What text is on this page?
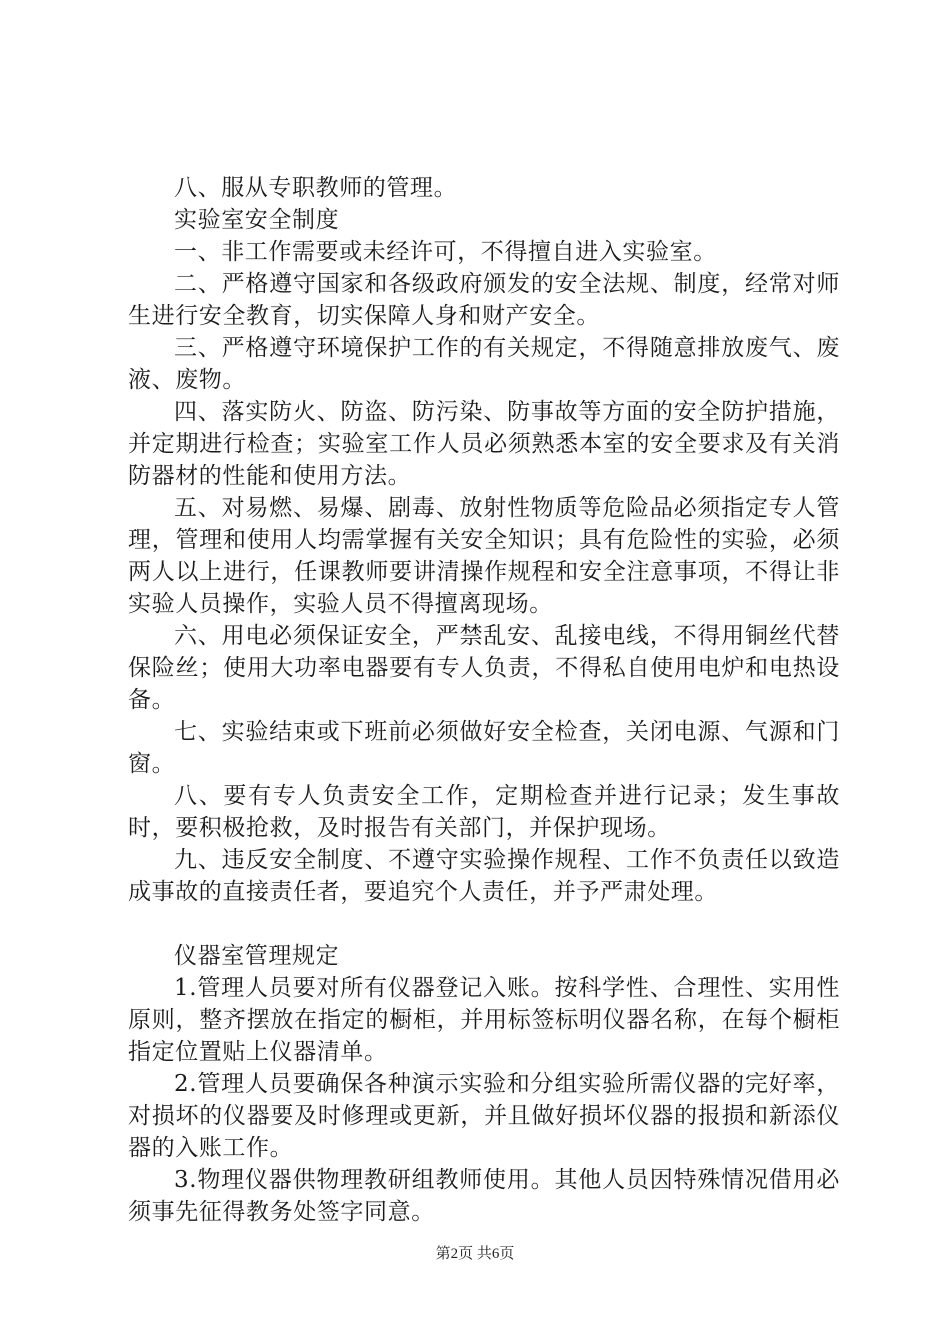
八、服从专职教师的管理。

实验室安全制度

一、非工作需要或未经许可，不得擅自进入实验室。

二、严格遵守国家和各级政府颁发的安全法规、制度，经常对师生进行安全教育，切实保障人身和财产安全。

三、严格遵守环境保护工作的有关规定，不得随意排放废气、废液、废物。

四、落实防火、防盗、防污染、防事故等方面的安全防护措施，并定期进行检查；实验室工作人员必须熟悉本室的安全要求及有关消防器材的性能和使用方法。

五、对易燃、易爆、剧毒、放射性物质等危险品必须指定专人管理，管理和使用人均需掌握有关安全知识；具有危险性的实验，必须两人以上进行，任课教师要讲清操作规程和安全注意事项，不得让非实验人员操作，实验人员不得擅离现场。

六、用电必须保证安全，严禁乱安、乱接电线，不得用铜丝代替保险丝；使用大功率电器要有专人负责，不得私自使用电炉和电热设备。

七、实验结束或下班前必须做好安全检查，关闭电源、气源和门窗。

八、要有专人负责安全工作，定期检查并进行记录；发生事故时，要积极抢救，及时报告有关部门，并保护现场。

九、违反安全制度、不遵守实验操作规程、工作不负责任以致造成事故的直接责任者，要追究个人责任，并予严肃处理。

仪器室管理规定

1.管理人员要对所有仪器登记入账。按科学性、合理性、实用性原则，整齐摆放在指定的橱柜，并用标签标明仪器名称，在每个橱柜指定位置贴上仪器清单。

2.管理人员要确保各种演示实验和分组实验所需仪器的完好率，对损坏的仪器要及时修理或更新，并且做好损坏仪器的报损和新添仪器的入账工作。

3.物理仪器供物理教研组教师使用。其他人员因特殊情况借用必须事先征得教务处签字同意。

第2页 共6页
